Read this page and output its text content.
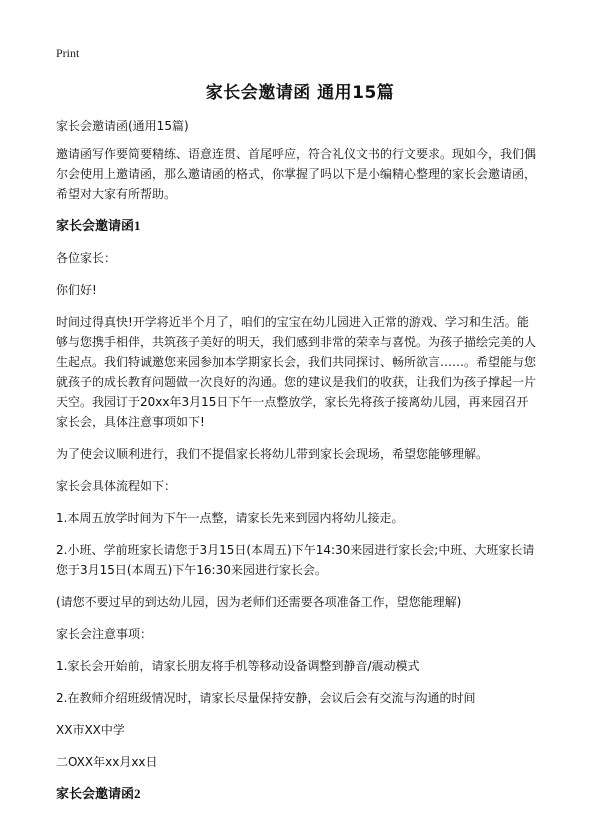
Print
家长会邀请函 通用15篇

家长会邀请函(通用15篇)

邀请函写作要简要精练、语意连贯、首尾呼应，符合礼仪文书的行文要求。现如今，我们偶尔会使用上邀请函，那么邀请函的格式，你掌握了吗以下是小编精心整理的家长会邀请函，希望对大家有所帮助。

家长会邀请函1

各位家长：

你们好!

时间过得真快!开学将近半个月了，咱们的宝宝在幼儿园进入正常的游戏、学习和生活。能够与您携手相伴，共筑孩子美好的明天，我们感到非常的荣幸与喜悦。为孩子描绘完美的人生起点。我们特诚邀您来园参加本学期家长会，我们共同探讨、畅所欲言……。希望能与您就孩子的成长教育问题做一次良好的沟通。您的建议是我们的收获，让我们为孩子撑起一片天空。我园订于20xx年3月15日下午一点整放学，家长先将孩子接离幼儿园，再来园召开家长会，具体注意事项如下!

为了使会议顺利进行，我们不提倡家长将幼儿带到家长会现场，希望您能够理解。

家长会具体流程如下：

1.本周五放学时间为下午一点整，请家长先来到园内将幼儿接走。

2.小班、学前班家长请您于3月15日(本周五)下午14:30来园进行家长会;中班、大班家长请您于3月15日(本周五)下午16:30来园进行家长会。

(请您不要过早的到达幼儿园，因为老师们还需要各项准备工作，望您能理解)

家长会注意事项：

1.家长会开始前，请家长朋友将手机等移动设备调整到静音/震动模式

2.在教师介绍班级情况时，请家长尽量保持安静，会议后会有交流与沟通的时间

XX市XX中学

二OXX年xx月xx日

家长会邀请函2
